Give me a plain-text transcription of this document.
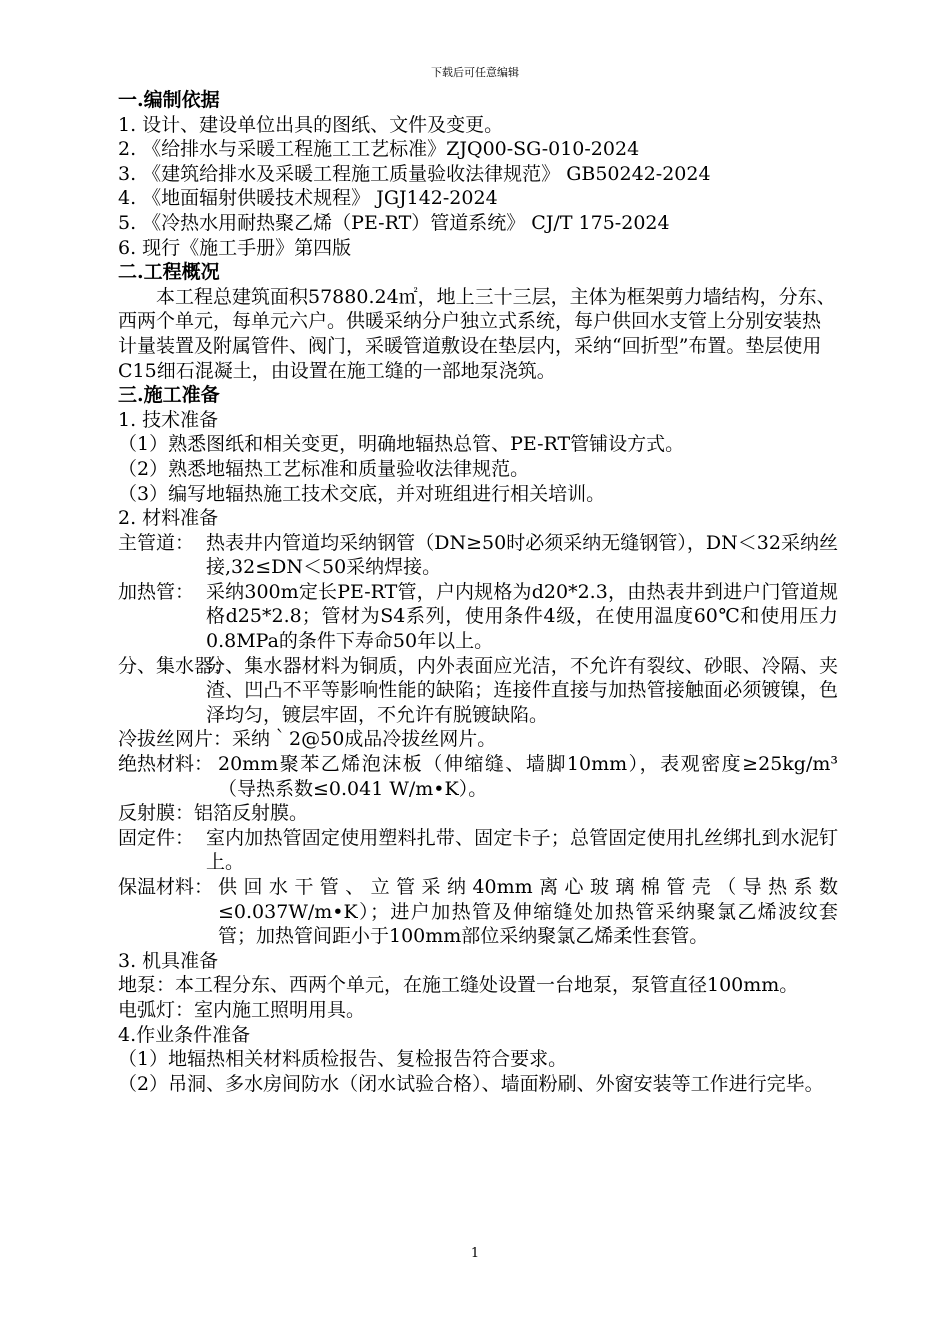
下载后可任意编辑

一.编制依据

1. 设计、建设单位出具的图纸、文件及变更。

2. 《给排水与采暖工程施工工艺标准》ZJQ00-SG-010-2024

3. 《建筑给排水及采暖工程施工质量验收法律规范》 GB50242-2024

4. 《地面辐射供暖技术规程》 JGJ142-2024

5. 《冷热水用耐热聚乙烯（PE-RT）管道系统》 CJ/T 175-2024

6. 现行《施工手册》第四版

二.工程概况

本工程总建筑面积57880.24㎡，地上三十三层，主体为框架剪力墙结构，分东、西两个单元，每单元六户。供暖采纳分户独立式系统，每户供回水支管上分别安装热计量装置及附属管件、阀门，采暖管道敷设在垫层内，采纳“回折型”布置。垫层使用C15细石混凝土，由设置在施工缝的一部地泵浇筑。

三.施工准备

1. 技术准备

（1）熟悉图纸和相关变更，明确地辐热总管、PE-RT管铺设方式。

（2）熟悉地辐热工艺标准和质量验收法律规范。

（3）编写地辐热施工技术交底，并对班组进行相关培训。

2. 材料准备

主管道： 热表井内管道均采纳钢管（DN≥50时必须采纳无缝钢管），DN＜32采纳丝接,32≤DN＜50采纳焊接。
加热管： 采纳300m定长PE-RT管，户内规格为d20*2.3，由热表井到进户门管道规格d25*2.8；管材为S4系列，使用条件4级，在使用温度60℃和使用压力0.8MPa的条件下寿命50年以上。
分、集水器：
分、集水器材料为铜质，内外表面应光洁，不允许有裂纹、砂眼、冷隔、夹渣、凹凸不平等影响性能的缺陷；连接件直接与加热管接触面必须镀镍，色泽均匀，镀层牢固，不允许有脱镀缺陷。

冷拔丝网片：采纳｀2@50成品冷拔丝网片。

绝热材料： 20mm聚苯乙烯泡沫板（伸缩缝、墙脚10mm），表观密度≥25kg/m³（导热系数≤0.041 W/m•K）。

反射膜：铝箔反射膜。

固定件： 室内加热管固定使用塑料扎带、固定卡子；总管固定使用扎丝绑扎到水泥钉上。
保温材料： 供回水干管、立管采纳40mm离心玻璃棉管壳（导热系数≤0.037W/m•K）；进户加热管及伸缩缝处加热管采纳聚氯乙烯波纹套管；加热管间距小于100mm部位采纳聚氯乙烯柔性套管。

3. 机具准备

地泵：本工程分东、西两个单元，在施工缝处设置一台地泵，泵管直径100mm。

电弧灯：室内施工照明用具。

4.作业条件准备

（1）地辐热相关材料质检报告、复检报告符合要求。

（2）吊洞、多水房间防水（闭水试验合格）、墙面粉刷、外窗安装等工作进行完毕。

1
